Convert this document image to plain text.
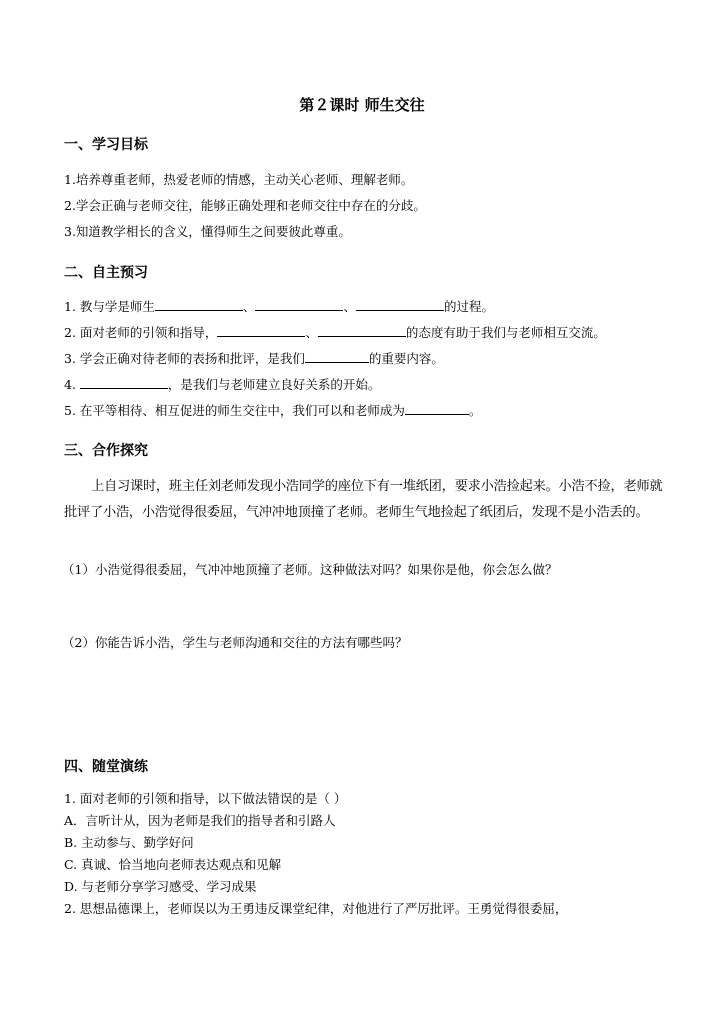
第２课时 师生交往
一、学习目标
1.培养尊重老师，热爱老师的情感，主动关心老师、理解老师。
2.学会正确与老师交往，能够正确处理和老师交往中存在的分歧。
3.知道教学相长的含义，懂得师生之间要彼此尊重。
二、自主预习
1. 教与学是师生	、	、	的过程。
2. 面对老师的引领和指导，	、	的态度有助于我们与老师相互交流。
3. 学会正确对待老师的表扬和批评，是我们	的重要内容。
4.	，是我们与老师建立良好关系的开始。
5. 在平等相待、相互促进的师生交往中，我们可以和老师成为	。
三、合作探究
上自习课时，班主任刘老师发现小浩同学的座位下有一堆纸团，要求小浩捡起来。小浩不捡，老师就批评了小浩，小浩觉得很委屈，气冲冲地顶撞了老师。老师生气地捡起了纸团后，发现不是小浩丢的。
（1）小浩觉得很委屈，气冲冲地顶撞了老师。这种做法对吗？如果你是他，你会怎么做？
（2）你能告诉小浩，学生与老师沟通和交往的方法有哪些吗？
四、随堂演练
1. 面对老师的引领和指导，以下做法错误的是（ ）
A．言听计从，因为老师是我们的指导者和引路人
B. 主动参与、勤学好问
C. 真诚、恰当地向老师表达观点和见解
D. 与老师分享学习感受、学习成果
2. 思想品德课上，老师误以为王勇违反课堂纪律，对他进行了严厉批评。王勇觉得很委屈，
